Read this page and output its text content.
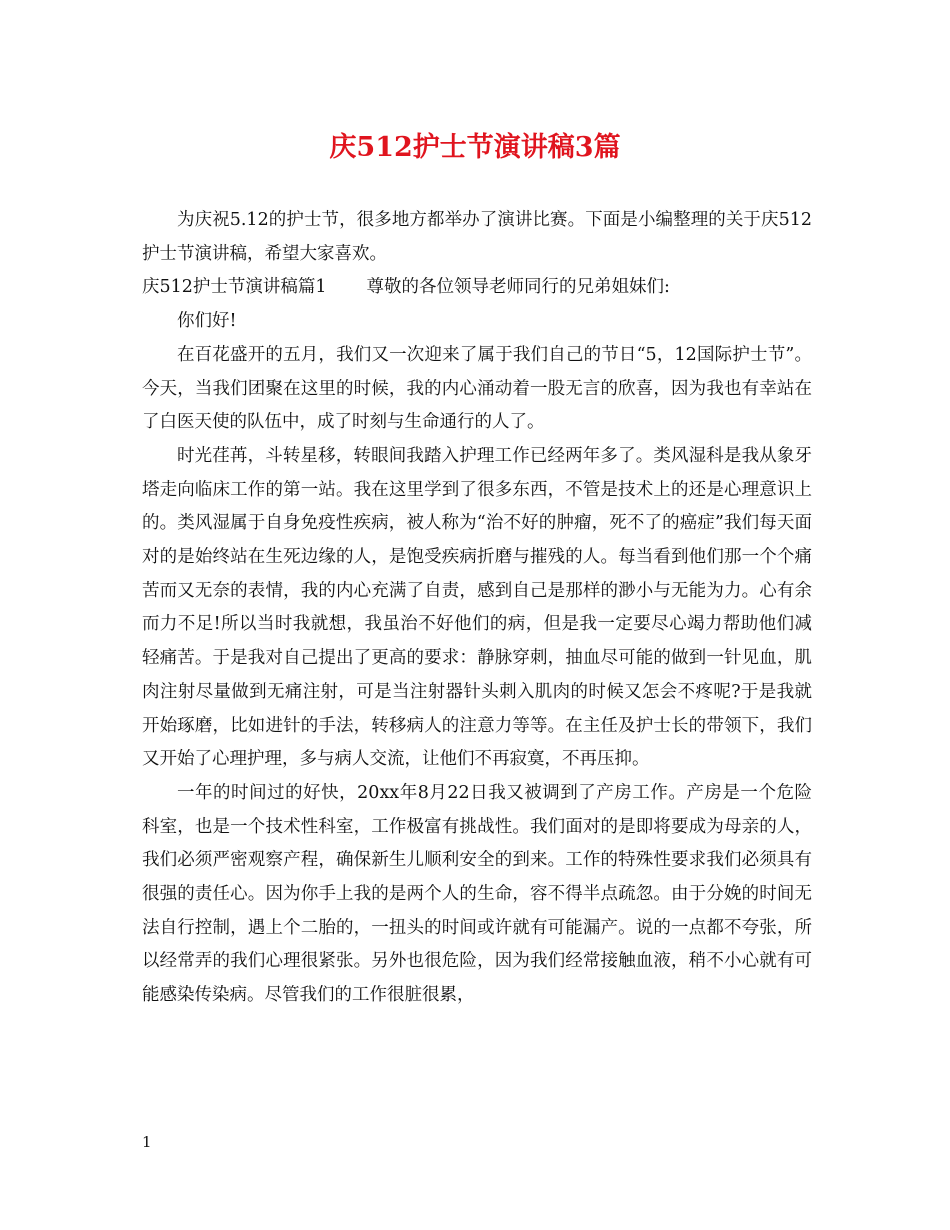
庆512护士节演讲稿3篇

为庆祝5.12的护士节，很多地方都举办了演讲比赛。下面是小编整理的关于庆512护士节演讲稿，希望大家喜欢。

庆512护士节演讲稿篇1 尊敬的各位领导老师同行的兄弟姐妹们:

你们好!

在百花盛开的五月，我们又一次迎来了属于我们自己的节日“5，12国际护士节”。今天，当我们团聚在这里的时候，我的内心涌动着一股无言的欣喜，因为我也有幸站在了白医天使的队伍中，成了时刻与生命通行的人了。

时光荏苒，斗转星移，转眼间我踏入护理工作已经两年多了。类风湿科是我从象牙塔走向临床工作的第一站。我在这里学到了很多东西，不管是技术上的还是心理意识上的。类风湿属于自身免疫性疾病，被人称为“治不好的肿瘤，死不了的癌症”我们每天面对的是始终站在生死边缘的人，是饱受疾病折磨与摧残的人。每当看到他们那一个个痛苦而又无奈的表情，我的内心充满了自责，感到自己是那样的渺小与无能为力。心有余而力不足!所以当时我就想，我虽治不好他们的病，但是我一定要尽心竭力帮助他们减轻痛苦。于是我对自己提出了更高的要求：静脉穿刺，抽血尽可能的做到一针见血，肌肉注射尽量做到无痛注射，可是当注射器针头刺入肌肉的时候又怎会不疼呢?于是我就开始琢磨，比如进针的手法，转移病人的注意力等等。在主任及护士长的带领下，我们又开始了心理护理，多与病人交流，让他们不再寂寞，不再压抑。

一年的时间过的好快，20xx年8月22日我又被调到了产房工作。产房是一个危险科室，也是一个技术性科室，工作极富有挑战性。我们面对的是即将要成为母亲的人，我们必须严密观察产程，确保新生儿顺利安全的到来。工作的特殊性要求我们必须具有很强的责任心。因为你手上我的是两个人的生命，容不得半点疏忽。由于分娩的时间无法自行控制，遇上个二胎的，一扭头的时间或许就有可能漏产。说的一点都不夸张，所以经常弄的我们心理很紧张。另外也很危险，因为我们经常接触血液，稍不小心就有可能感染传染病。尽管我们的工作很脏很累，

1
